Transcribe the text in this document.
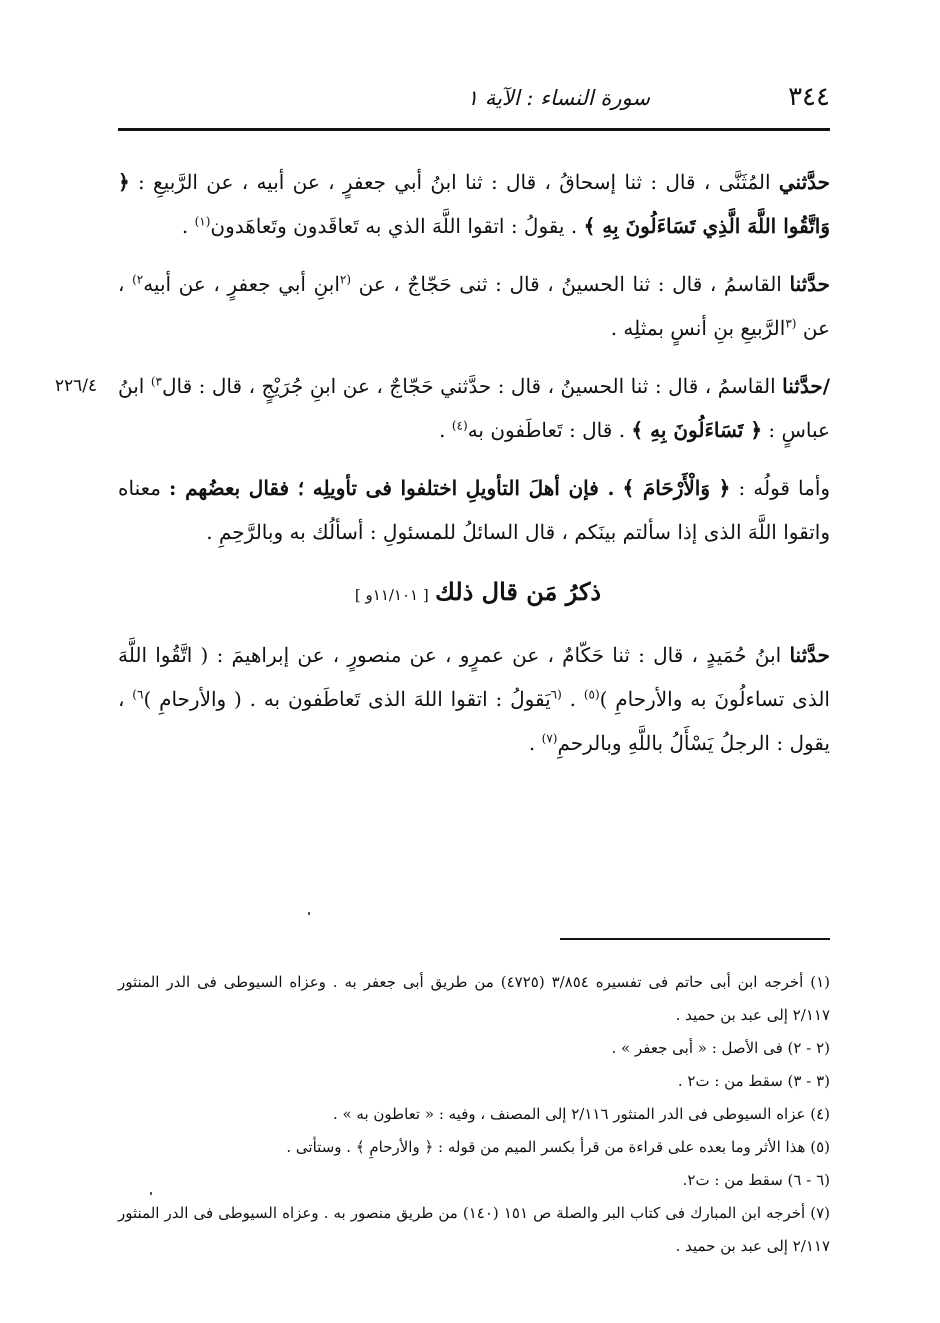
٣٤٤
سورة النساء : الآية ١

حدَّثني المُثَنَّى ، قال : ثنا إسحاقُ ، قال : ثنا ابنُ أبي جعفرٍ ، عن أبيه ، عن الرَّبيعِ : ﴿ وَاتَّقُوا اللَّهَ الَّذِي تَسَاءَلُونَ بِهِ ﴾ . يقولُ : اتقوا اللَّهَ الذي به تَعاقَدون وتَعاهَدون$^{(١)}$ .

حدَّثنا القاسمُ ، قال : ثنا الحسينُ ، قال : ثنى حَجّاجٌ ، عن $^{(٢}$ابنِ أبي جعفرٍ ، عن أبيه$^{٢)}$ ، عن $^{(٣}$الرَّبيعِ بنِ أنسٍ بمثلِه .

٢٢٦/٤	/حدَّثنا القاسمُ ، قال : ثنا الحسينُ ، قال : حدَّثني حَجّاجٌ ، عن ابنِ جُرَيْجٍ ، قال : قال$^{٣)}$ ابنُ عباسٍ : ﴿ تَسَاءَلُونَ بِهِ ﴾ . قال : تَعاطَفون به$^{(٤)}$ .

وأما قولُه : ﴿ وَالْأَرْحَامَ ﴾ . فإن أهلَ التأويلِ اختلفوا فى تأويلِه ؛ فقال بعضُهم : معناه واتقوا اللَّهَ الذى إذا سألتم بينَكم ، قال السائلُ للمسئولِ : أسألُك به وبالرَّحِمِ .

ذكرُ مَن قال ذلك [ ١١/١٠١و ]

حدَّثنا ابنُ حُمَيدٍ ، قال : ثنا حَكّامٌ ، عن عمرٍو ، عن منصورٍ ، عن إبراهيمَ : ( اتَّقُوا اللَّهَ الذى تساءلُونَ به والأرحامِ )$^{(٥)}$ . $^{(٦}$يَقولُ : اتقوا اللهَ الذى تَعاطَفون به . ( والأرحامِ )$^{٦)}$ ، يقول : الرجلُ يَسْأَلُ باللَّهِ وبالرحمِ$^{(٧)}$ .

(١) أخرجه ابن أبى حاتم فى تفسيره ٣/٨٥٤ (٤٧٢٥) من طريق أبى جعفر به . وعزاه السيوطى فى الدر المنثور ٢/١١٧ إلى عبد بن حميد .

(٢ - ٢) فى الأصل : « أبى جعفر » .

(٣ - ٣) سقط من : ت٢ .

(٤) عزاه السيوطى فى الدر المنثور ٢/١١٦ إلى المصنف ، وفيه : « تعاطون به » .

(٥) هذا الأثر وما بعده على قراءة من قرأ بكسر الميم من قوله : ﴿ والأرحامِ ﴾ . وستأتى .

(٦ - ٦) سقط من : ت٢.

(٧) أخرجه ابن المبارك فى كتاب البر والصلة ص ١٥١ (١٤٠) من طريق منصور به . وعزاه السيوطى فى الدر المنثور ٢/١١٧ إلى عبد بن حميد .
